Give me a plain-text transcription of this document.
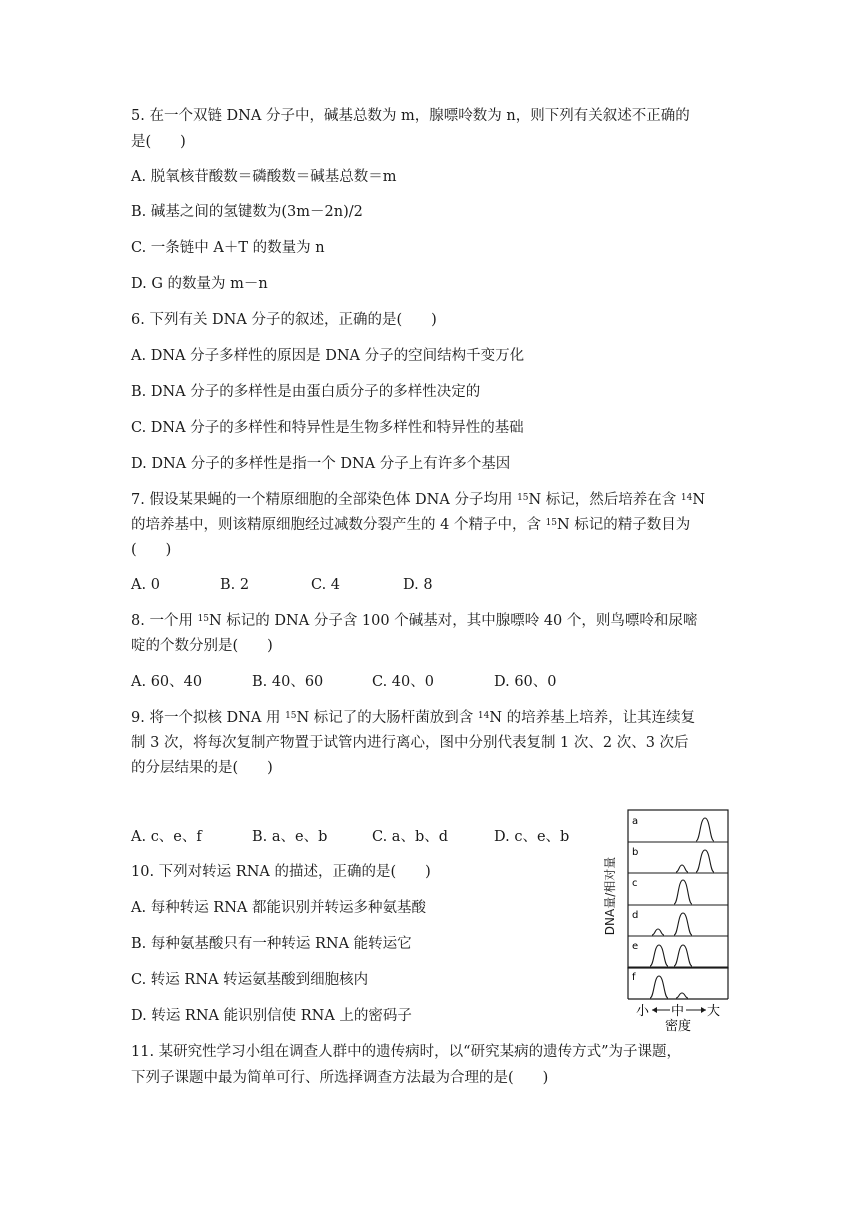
5. 在一个双链 DNA 分子中，碱基总数为 m，腺嘌呤数为 n，则下列有关叙述不正确的
是(　　)
A. 脱氧核苷酸数＝磷酸数＝碱基总数＝m
B. 碱基之间的氢键数为(3m－2n)/2
C. 一条链中 A＋T 的数量为 n
D. G 的数量为 m－n
6. 下列有关 DNA 分子的叙述，正确的是(　　)
A. DNA 分子多样性的原因是 DNA 分子的空间结构千变万化
B. DNA 分子的多样性是由蛋白质分子的多样性决定的
C. DNA 分子的多样性和特异性是生物多样性和特异性的基础
D. DNA 分子的多样性是指一个 DNA 分子上有许多个基因
7. 假设某果蝇的一个精原细胞的全部染色体 DNA 分子均用 $^{15}$N 标记，然后培养在含 $^{14}$N
的培养基中，则该精原细胞经过减数分裂产生的 4 个精子中，含 $^{15}$N 标记的精子数目为
(　　)
A. 0	B. 2	C. 4	D. 8
8. 一个用 $^{15}$N 标记的 DNA 分子含 100 个碱基对，其中腺嘌呤 40 个，则鸟嘌呤和尿嘧
啶的个数分别是(　　)
A. 60、40	B. 40、60	C. 40、0	D. 60、0
9. 将一个拟核 DNA 用 $^{15}$N 标记了的大肠杆菌放到含 $^{14}$N 的培养基上培养，让其连续复
制 3 次，将每次复制产物置于试管内进行离心，图中分别代表复制 1 次、2 次、3 次后
的分层结果的是(　　)
A. c、e、f	B. a、e、b	C. a、b、d	D. c、e、b
10. 下列对转运 RNA 的描述，正确的是(　　)
A. 每种转运 RNA 都能识别并转运多种氨基酸
B. 每种氨基酸只有一种转运 RNA 能转运它
C. 转运 RNA 转运氨基酸到细胞核内
D. 转运 RNA 能识别信使 RNA 上的密码子
11. 某研究性学习小组在调查人群中的遗传病时，以“研究某病的遗传方式”为子课题，
下列子课题中最为简单可行、所选择调查方法最为合理的是(　　)
DNA量/相对量
a
b
c
d
e
f
小 中 大
密度
